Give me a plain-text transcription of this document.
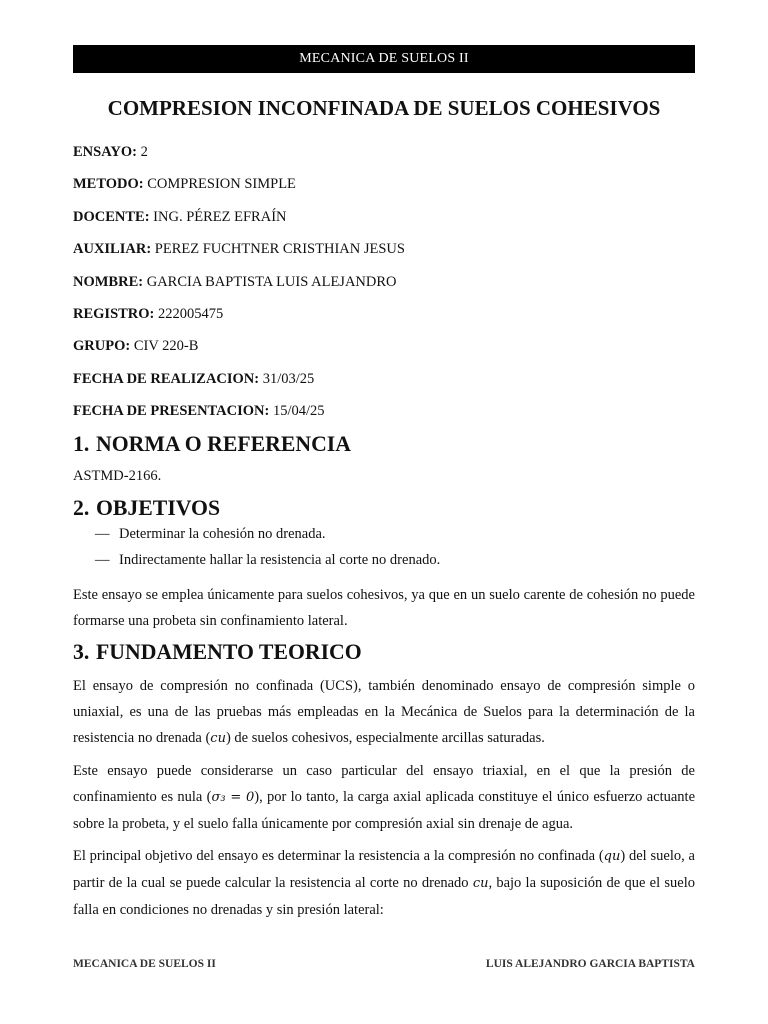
MECANICA DE SUELOS II
COMPRESION INCONFINADA DE SUELOS COHESIVOS
ENSAYO: 2
METODO: COMPRESION SIMPLE
DOCENTE: ING. PÉREZ EFRAÍN
AUXILIAR: PEREZ FUCHTNER CRISTHIAN JESUS
NOMBRE: GARCIA BAPTISTA LUIS ALEJANDRO
REGISTRO: 222005475
GRUPO: CIV 220-B
FECHA DE REALIZACION: 31/03/25
FECHA DE PRESENTACION: 15/04/25
1. NORMA O REFERENCIA
ASTMD-2166.
2. OBJETIVOS
— Determinar la cohesión no drenada.
— Indirectamente hallar la resistencia al corte no drenado.

Este ensayo se emplea únicamente para suelos cohesivos, ya que en un suelo carente de cohesión no puede formarse una probeta sin confinamiento lateral.

3. FUNDAMENTO TEORICO

El ensayo de compresión no confinada (UCS), también denominado ensayo de compresión simple o uniaxial, es una de las pruebas más empleadas en la Mecánica de Suelos para la determinación de la resistencia no drenada (cu) de suelos cohesivos, especialmente arcillas saturadas.

Este ensayo puede considerarse un caso particular del ensayo triaxial, en el que la presión de confinamiento es nula (σ₃ = 0), por lo tanto, la carga axial aplicada constituye el único esfuerzo actuante sobre la probeta, y el suelo falla únicamente por compresión axial sin drenaje de agua.

El principal objetivo del ensayo es determinar la resistencia a la compresión no confinada (qu) del suelo, a partir de la cual se puede calcular la resistencia al corte no drenado cu, bajo la suposición de que el suelo falla en condiciones no drenadas y sin presión lateral:

MECANICA DE SUELOS II	LUIS ALEJANDRO GARCIA BAPTISTA
